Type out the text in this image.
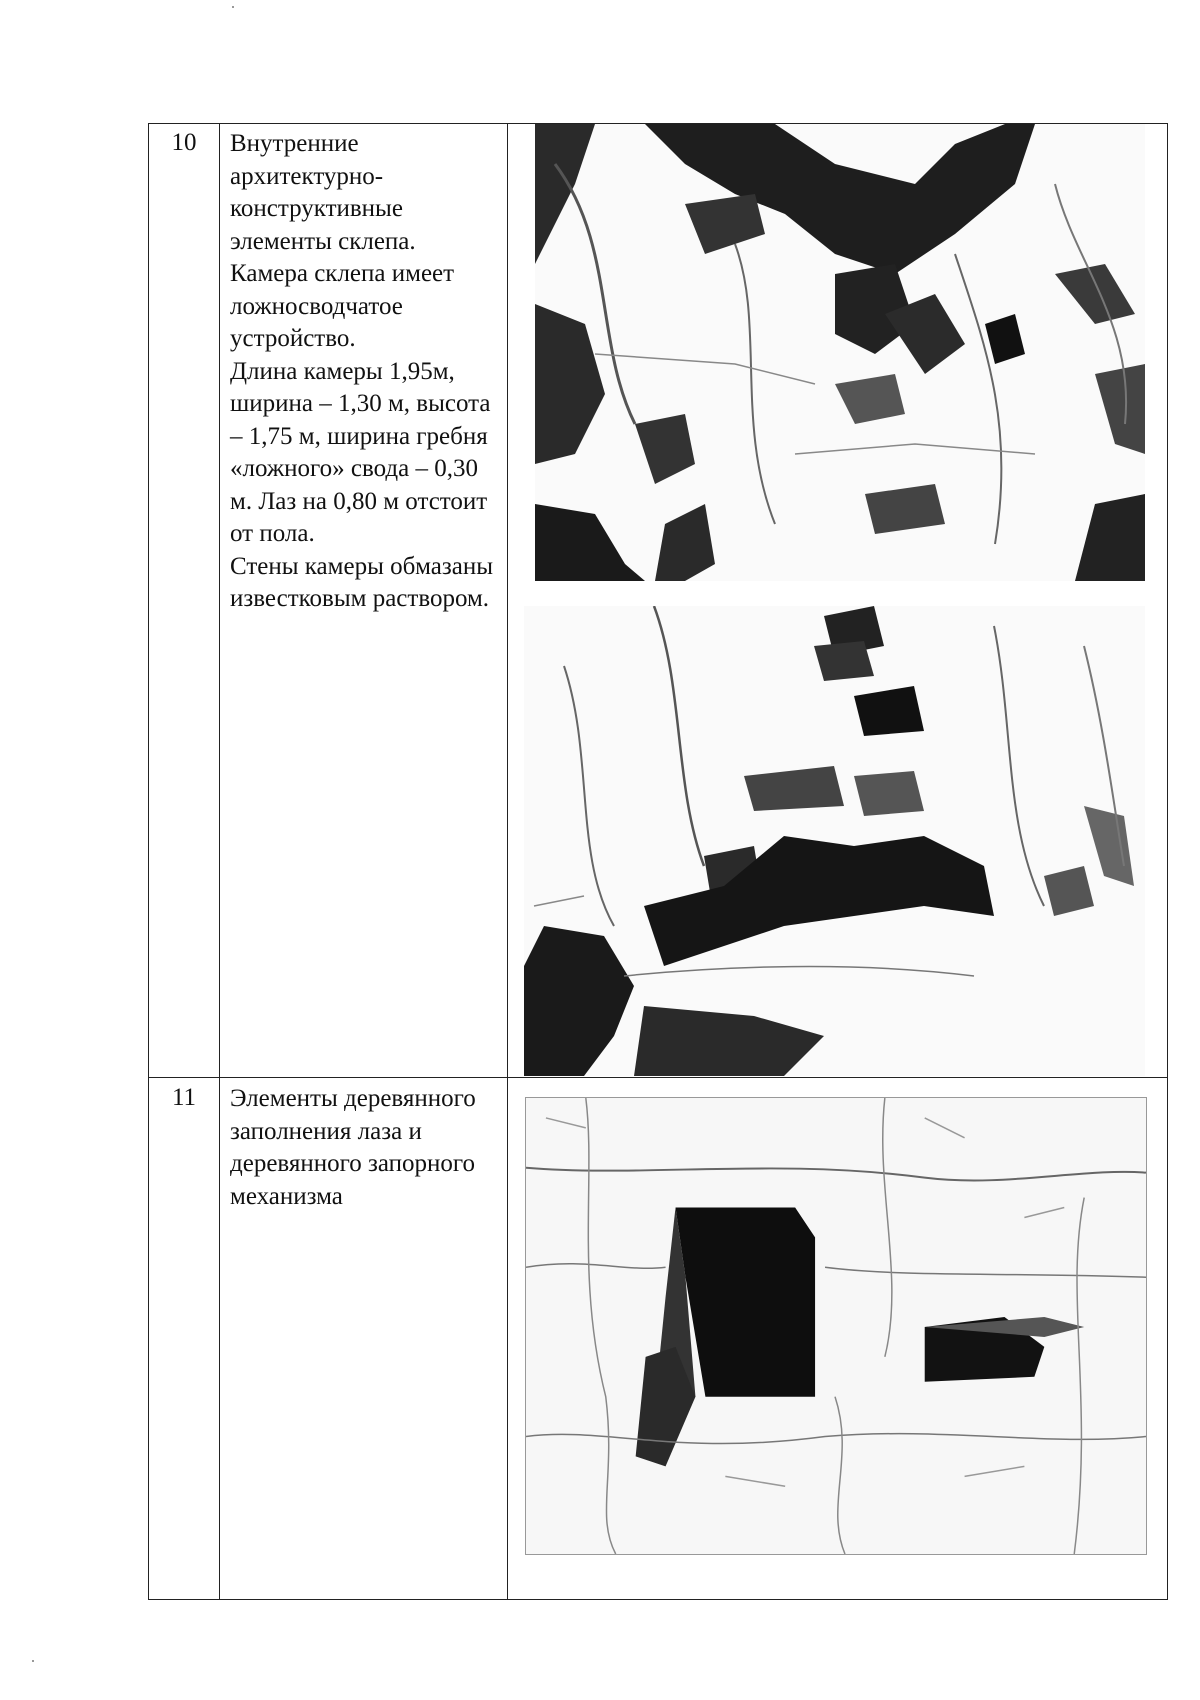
10	Внутренние архитектурно-конструктивные элементы склепа.
Камера склепа имеет ложносводчатое устройство.
Длина камеры 1,95м, ширина – 1,30 м, высота – 1,75 м, ширина гребня «ложного» свода – 0,30 м. Лаз на 0,80 м отстоит от пола.
Стены камеры обмазаны известковым раствором.
11	Элементы деревянного заполнения лаза и деревянного запорного механизма
